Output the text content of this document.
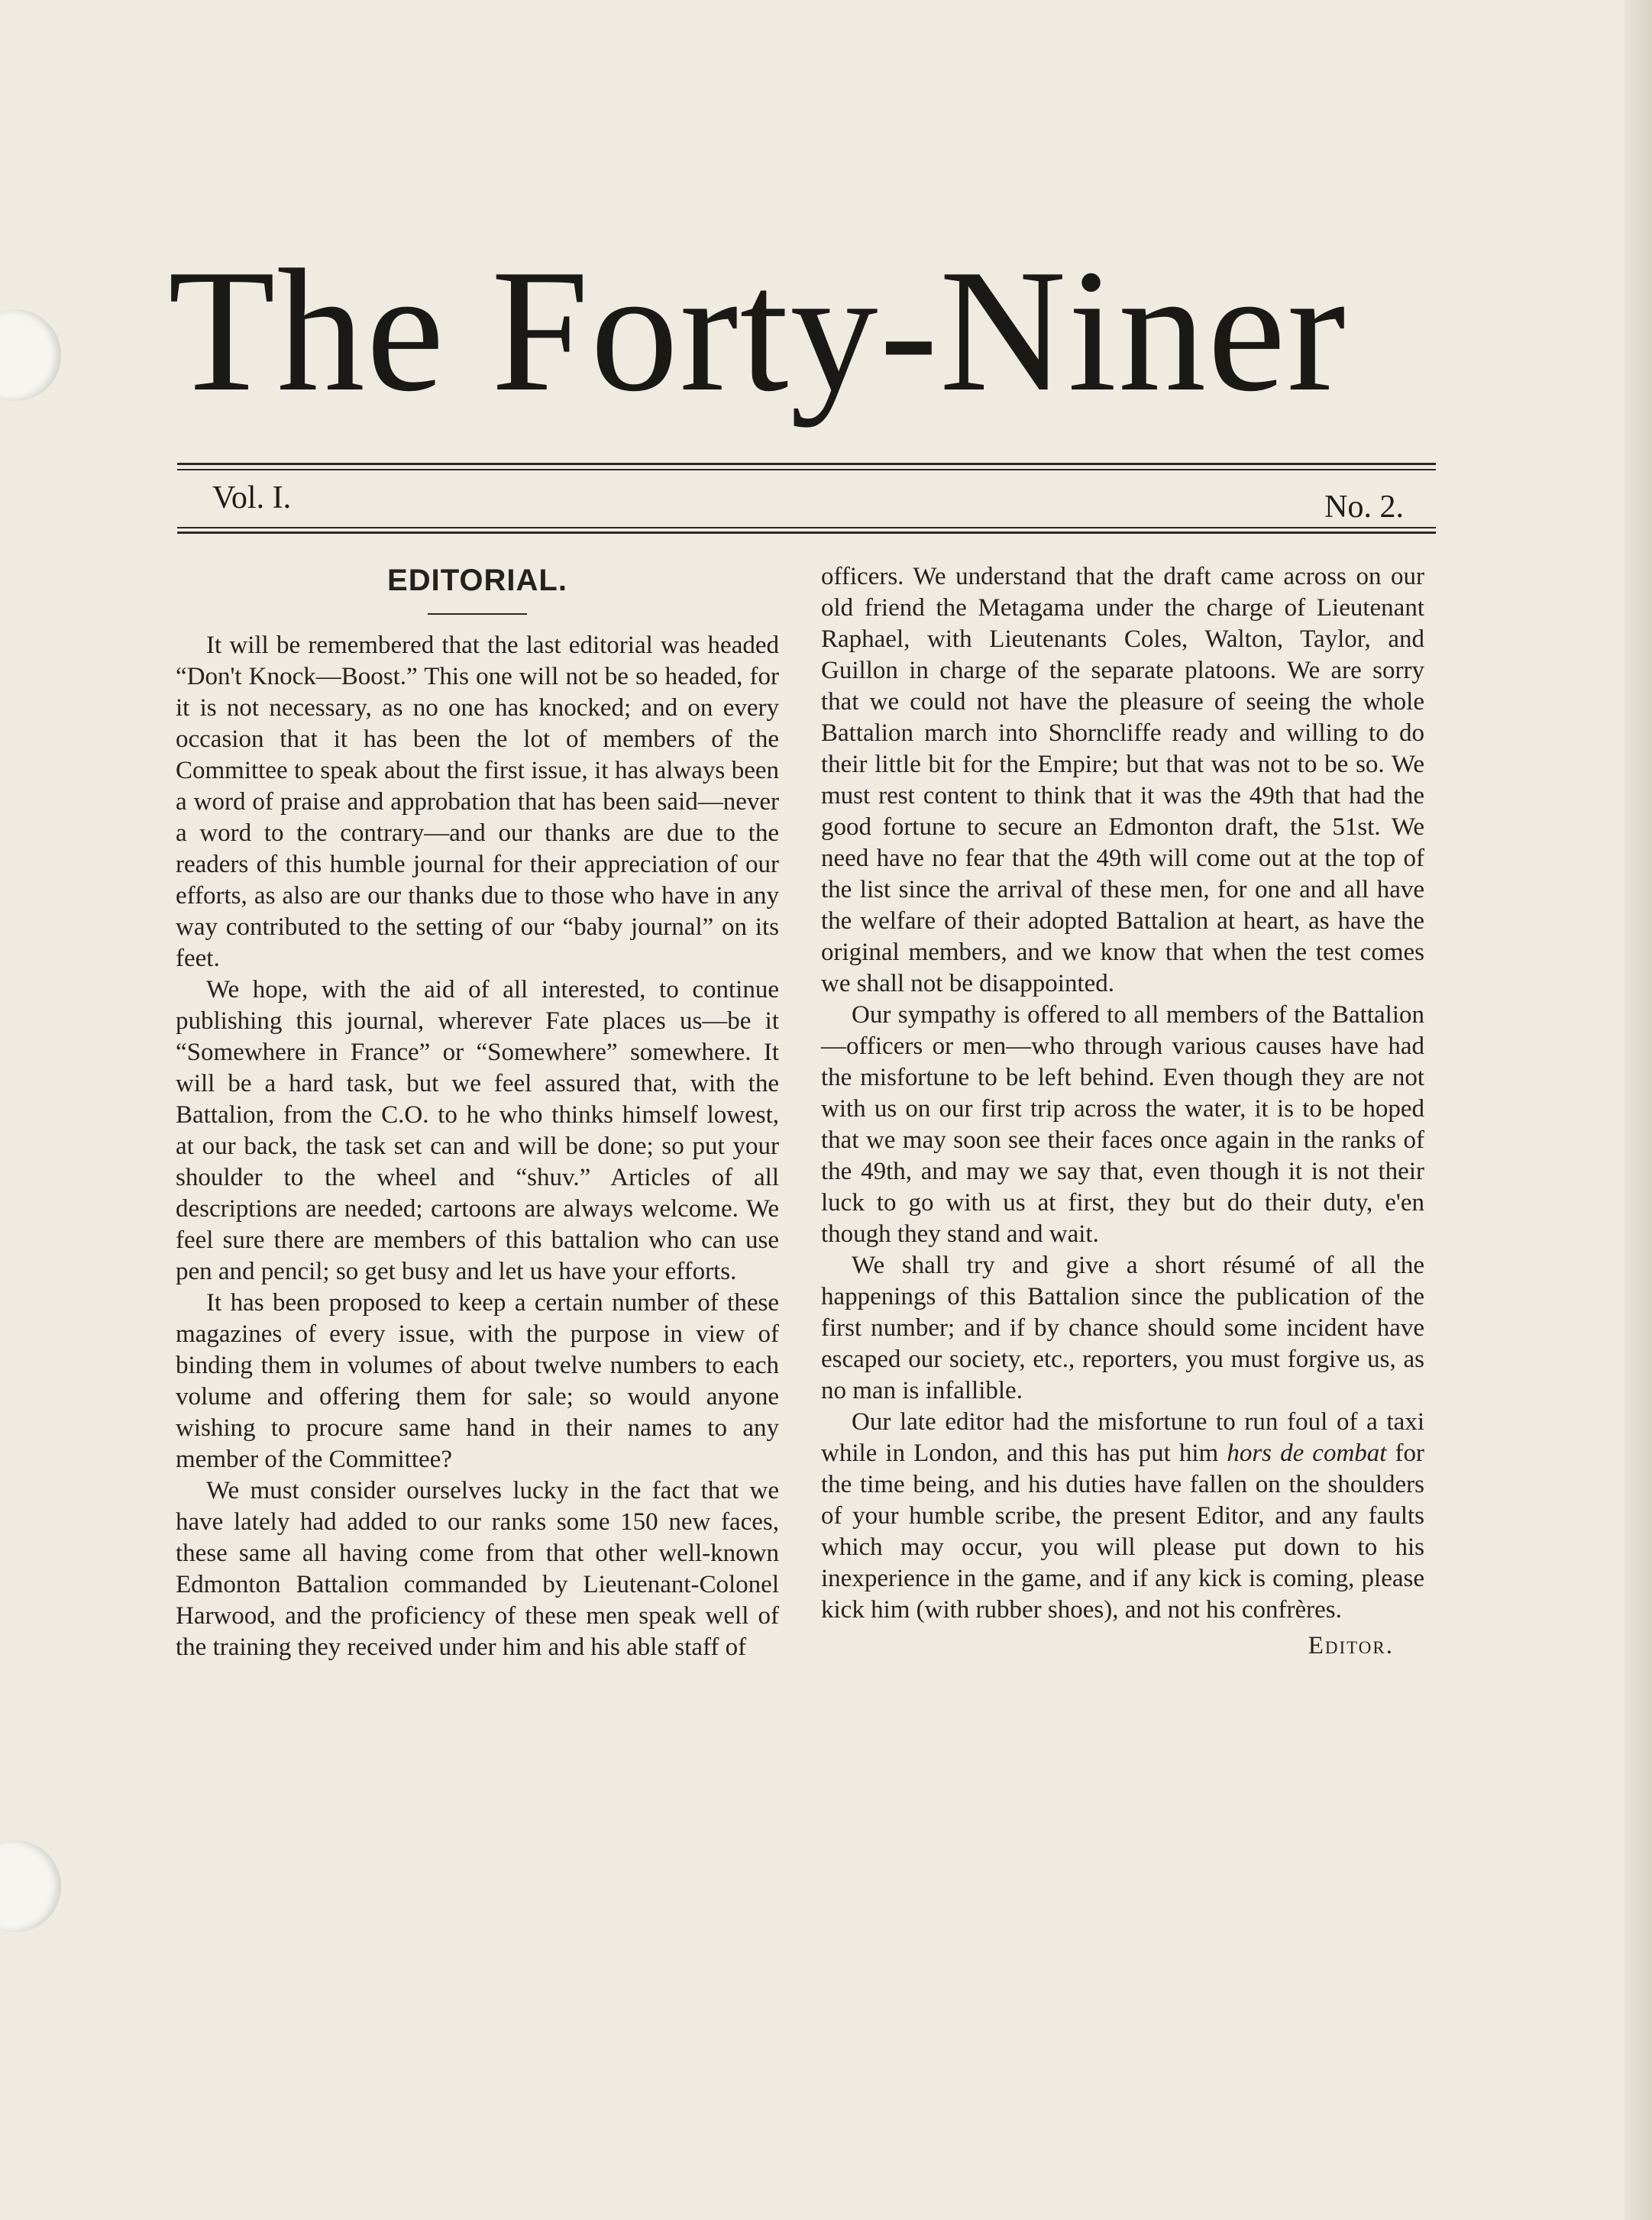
The Forty-Niner
Vol. I.	No. 2.
EDITORIAL.

It will be remembered that the last editorial was headed “Don't Knock—Boost.” This one will not be so headed, for it is not necessary, as no one has knocked; and on every occasion that it has been the lot of members of the Committee to speak about the first issue, it has always been a word of praise and approbation that has been said—never a word to the contrary—and our thanks are due to the readers of this humble journal for their appreciation of our efforts, as also are our thanks due to those who have in any way contributed to the setting of our “baby journal” on its feet.

We hope, with the aid of all interested, to continue publishing this journal, wherever Fate places us—be it “Somewhere in France” or “Somewhere” somewhere. It will be a hard task, but we feel assured that, with the Battalion, from the C.O. to he who thinks himself lowest, at our back, the task set can and will be done; so put your shoulder to the wheel and “shuv.” Articles of all descriptions are needed; cartoons are always welcome. We feel sure there are members of this battalion who can use pen and pencil; so get busy and let us have your efforts.

It has been proposed to keep a certain number of these magazines of every issue, with the purpose in view of binding them in volumes of about twelve numbers to each volume and offering them for sale; so would anyone wishing to procure same hand in their names to any member of the Committee?

We must consider ourselves lucky in the fact that we have lately had added to our ranks some 150 new faces, these same all having come from that other well-known Edmonton Battalion commanded by Lieutenant-Colonel Harwood, and the proficiency of these men speak well of the training they received under him and his able staff of

officers. We understand that the draft came across on our old friend the Metagama under the charge of Lieutenant Raphael, with Lieutenants Coles, Walton, Taylor, and Guillon in charge of the separate platoons. We are sorry that we could not have the pleasure of seeing the whole Battalion march into Shorncliffe ready and willing to do their little bit for the Empire; but that was not to be so. We must rest content to think that it was the 49th that had the good fortune to secure an Edmonton draft, the 51st. We need have no fear that the 49th will come out at the top of the list since the arrival of these men, for one and all have the welfare of their adopted Battalion at heart, as have the original members, and we know that when the test comes we shall not be disappointed.

Our sympathy is offered to all members of the Battalion—officers or men—who through various causes have had the misfortune to be left behind. Even though they are not with us on our first trip across the water, it is to be hoped that we may soon see their faces once again in the ranks of the 49th, and may we say that, even though it is not their luck to go with us at first, they but do their duty, e'en though they stand and wait.

We shall try and give a short résumé of all the happenings of this Battalion since the publication of the first number; and if by chance should some incident have escaped our society, etc., reporters, you must forgive us, as no man is infallible.

Our late editor had the misfortune to run foul of a taxi while in London, and this has put him hors de combat for the time being, and his duties have fallen on the shoulders of your humble scribe, the present Editor, and any faults which may occur, you will please put down to his inexperience in the game, and if any kick is coming, please kick him (with rubber shoes), and not his confrères.

Editor.
